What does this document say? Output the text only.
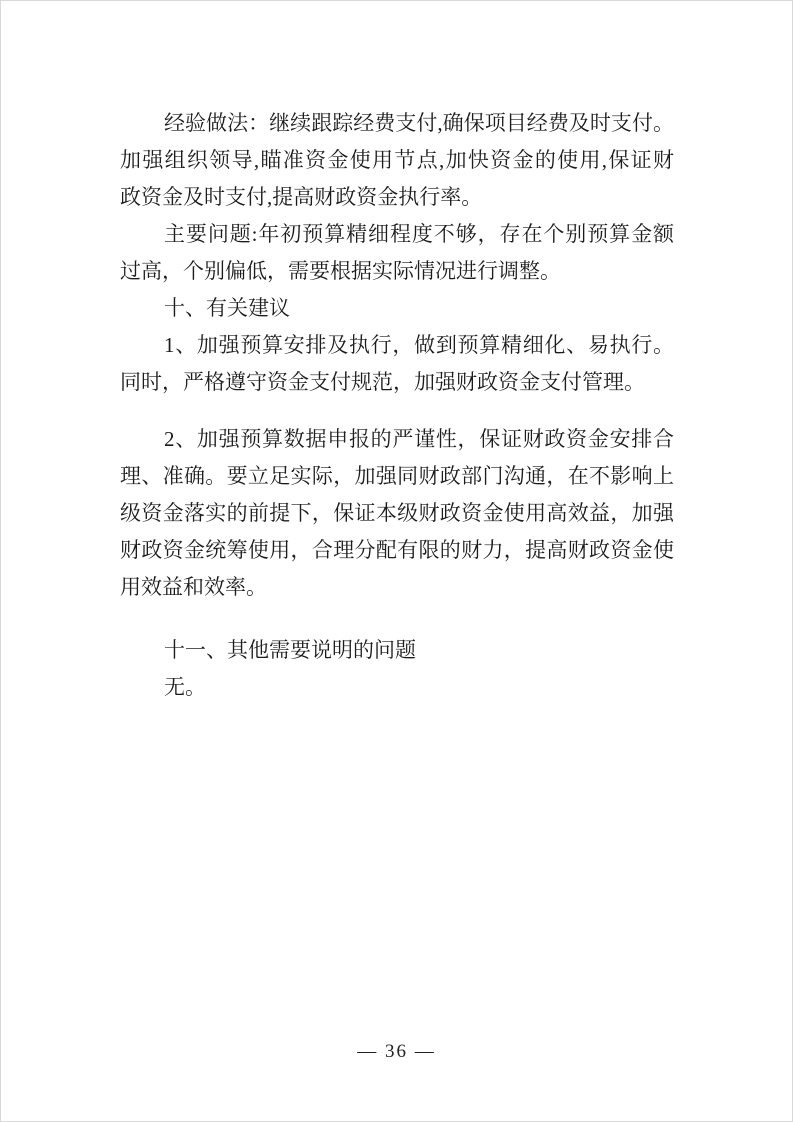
经验做法：继续跟踪经费支付,确保项目经费及时支付。
加强组织领导,瞄准资金使用节点,加快资金的使用,保证财
政资金及时支付,提高财政资金执行率。
主要问题:年初预算精细程度不够，存在个别预算金额
过高，个别偏低，需要根据实际情况进行调整。
十、有关建议
1、加强预算安排及执行，做到预算精细化、易执行。
同时，严格遵守资金支付规范，加强财政资金支付管理。
2、加强预算数据申报的严谨性，保证财政资金安排合
理、准确。要立足实际，加强同财政部门沟通，在不影响上
级资金落实的前提下，保证本级财政资金使用高效益，加强
财政资金统筹使用，合理分配有限的财力，提高财政资金使
用效益和效率。
十一、其他需要说明的问题
无。
— 36 —
